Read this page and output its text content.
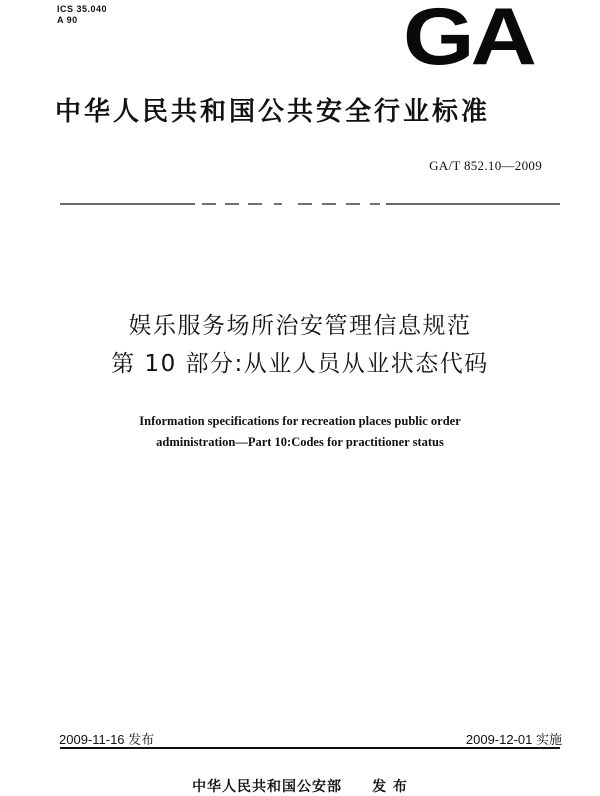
ICS 35.040
A 90	GA
中华人民共和国公共安全行业标准
GA/T 852.10—2009
娱乐服务场所治安管理信息规范
第 10 部分:从业人员从业状态代码
Information specifications for recreation places public order
administration—Part 10:Codes for practitioner status
2009-11-16 发布	2009-12-01 实施
中华人民共和国公安部 发 布
